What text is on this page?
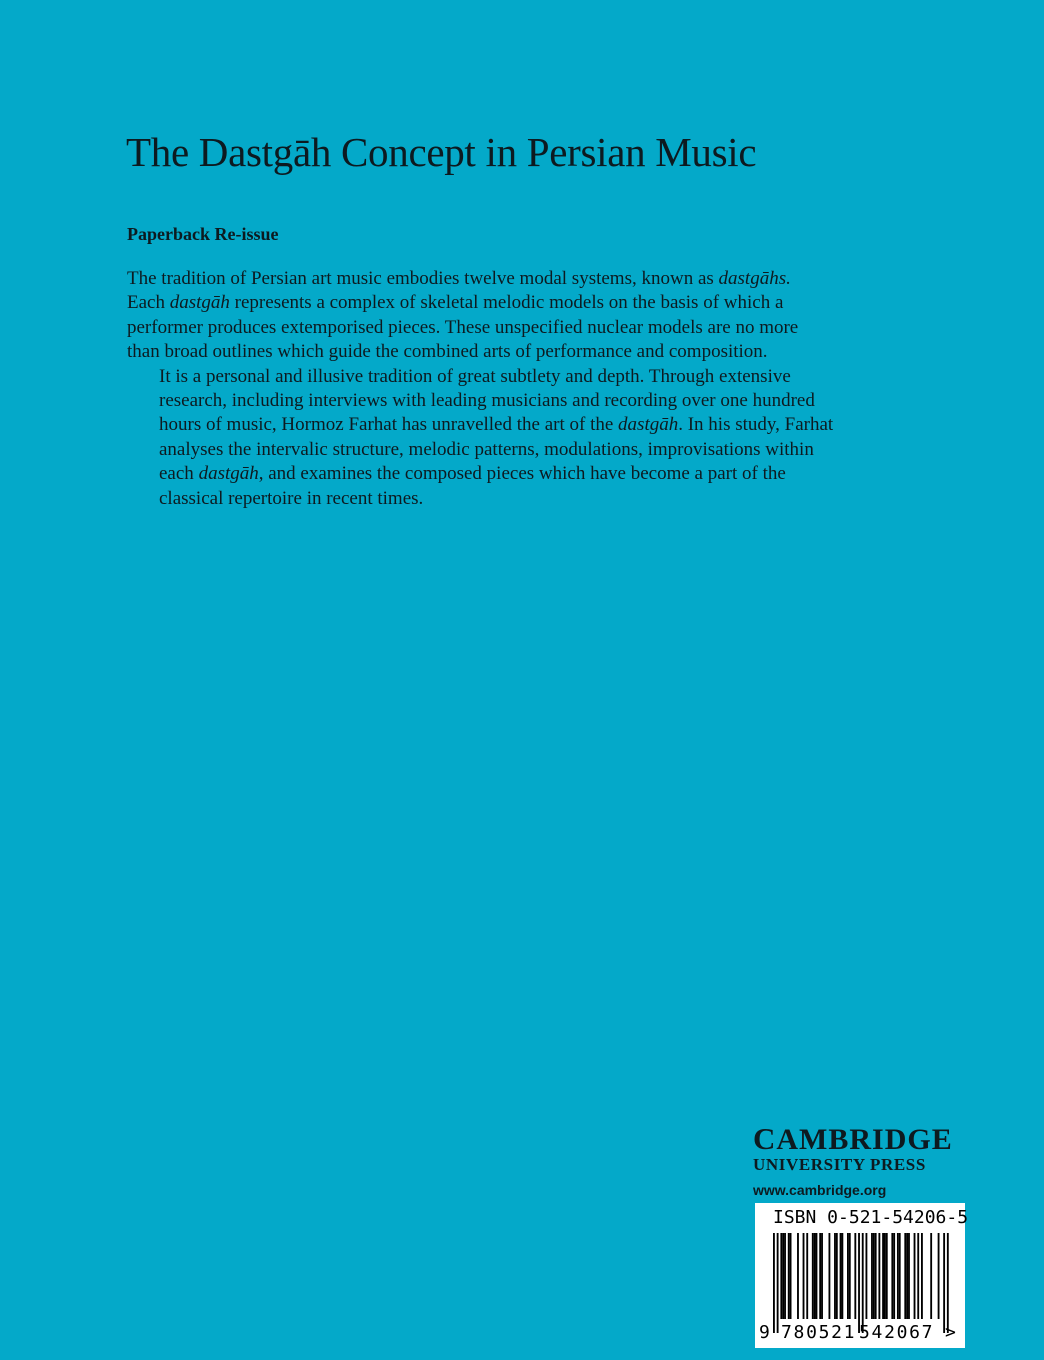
The Dastgāh Concept in Persian Music
Paperback Re-issue

The tradition of Persian art music embodies twelve modal systems, known as dastgāhs.
Each dastgāh represents a complex of skeletal melodic models on the basis of which a
performer produces extemporised pieces. These unspecified nuclear models are no more
than broad outlines which guide the combined arts of performance and composition.

It is a personal and illusive tradition of great subtlety and depth. Through extensive
research, including interviews with leading musicians and recording over one hundred
hours of music, Hormoz Farhat has unravelled the art of the dastgāh. In his study, Farhat
analyses the intervalic structure, melodic patterns, modulations, improvisations within
each dastgāh, and examines the composed pieces which have become a part of the
classical repertoire in recent times.

CAMBRIDGE
UNIVERSITY PRESS
www.cambridge.org
ISBN 0-521-54206-5
9 780521 542067 >
